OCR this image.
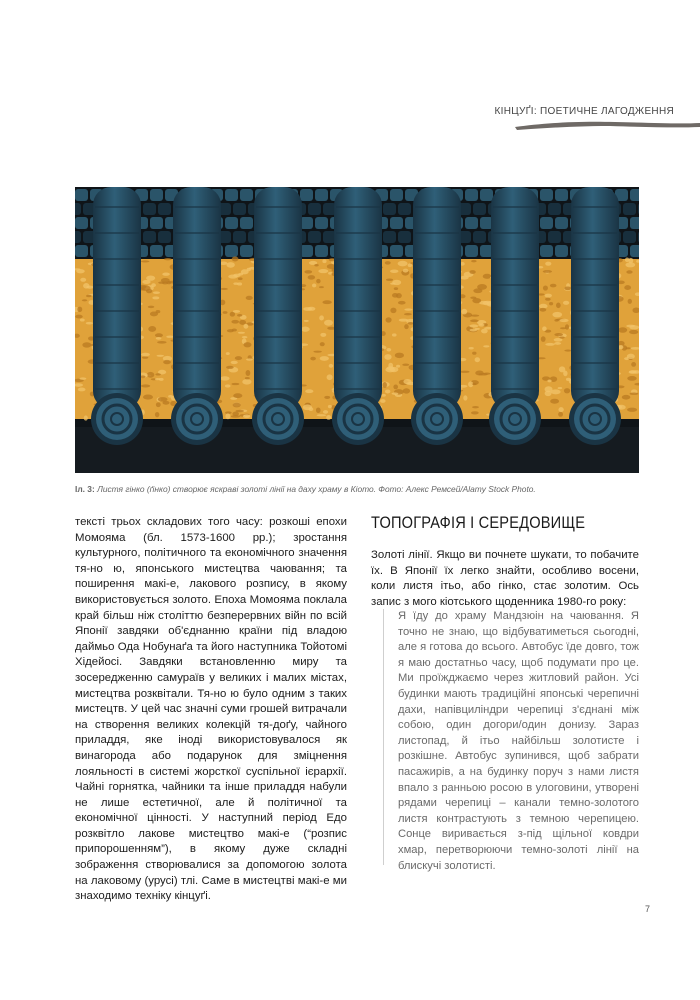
КІНЦУҐІ: ПОЕТИЧНЕ ЛАГОДЖЕННЯ
Іл. 3: Листя гінко (ґінко) створює яскраві золоті лінії на даху храму в Кіото. Фото: Алекс Ремсей/Alamy Stock Photo.
тексті трьох складових того часу: розкоші епохи Момояма (бл. 1573-1600 рр.); зростання культурного, політичного та економічного значення тя-но ю, японського мистецтва чаювання; та поширення макі-е, лакового розпису, в якому використовується золото. Епоха Момояма поклала край більш ніж століттю безперервних війн по всій Японії завдяки об'єднанню країни під владою даймьо Ода Нобунаґа та його наступника Тойотомі Хідейосі. Завдяки встановленню миру та зосередженню самураїв у великих і малих містах, мистецтва розквітали. Тя-но ю було одним з таких мистецтв. У цей час значні суми грошей витрачали на створення великих колекцій тя-доґу, чайного приладдя, яке іноді використовувалося як винагорода або подарунок для зміцнення лояльності в системі жорсткої суспільної ієрархії. Чайні горнятка, чайники та інше приладдя набули не лише естетичної, але й політичної та економічної цінності. У наступний період Едо розквітло лакове мистецтво макі-е (“розпис припорошенням”), в якому дуже складні зображення створювалися за допомогою золота на лаковому (урусі) тлі. Саме в мистецтві макі-е ми знаходимо техніку кінцуґі.
ТОПОГРАФІЯ І СЕРЕДОВИЩЕ
Золоті лінії. Якщо ви почнете шукати, то побачите їх. В Японії їх легко знайти, особливо восени, коли листя ітьо, або гінко, стає золотим. Ось запис з мого кіотського щоденника 1980-го року:
Я їду до храму Мандзюін на чаювання. Я точно не знаю, що відбуватиметься сьогодні, але я готова до всього. Автобус їде довго, тож я маю достатньо часу, щоб подумати про це. Ми проїжджаємо через житловий район. Усі будинки мають традиційні японські черепичні дахи, напівциліндри черепиці з'єднані між собою, один догори/один донизу. Зараз листопад, й ітьо найбільш золотисте і розкішне. Автобус зупинився, щоб забрати пасажирів, а на будинку поруч з нами листя впало з ранньою росою в улоговини, утворені рядами черепиці – канали темно-золотого листя контрастують з темною черепицею. Сонце виривається з-під щільної ковдри хмар, перетворюючи темно-золоті лінії на блискучі золотисті.
7
